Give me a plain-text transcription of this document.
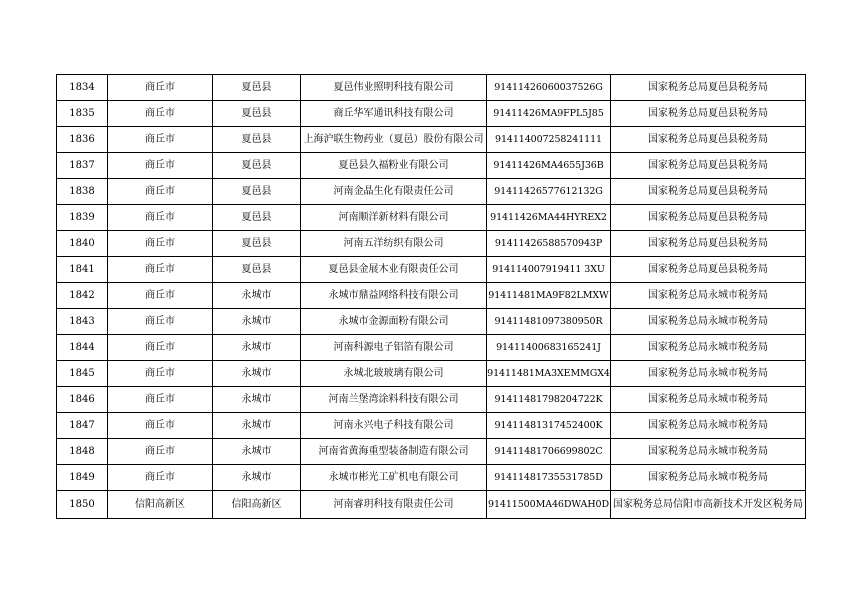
1834	商丘市	夏邑县	夏邑伟业照明科技有限公司	91411426060037526G	国家税务总局夏邑县税务局
1835	商丘市	夏邑县	商丘华军通讯科技有限公司	91411426MA9FPL5J85	国家税务总局夏邑县税务局
1836	商丘市	夏邑县	上海沪联生物药业（夏邑）股份有限公司	914114007258241111	国家税务总局夏邑县税务局
1837	商丘市	夏邑县	夏邑县久福粉业有限公司	91411426MA4655J36B	国家税务总局夏邑县税务局
1838	商丘市	夏邑县	河南金晶生化有限责任公司	91411426577612132G	国家税务总局夏邑县税务局
1839	商丘市	夏邑县	河南顺洋新材料有限公司	91411426MA44HYREX2	国家税务总局夏邑县税务局
1840	商丘市	夏邑县	河南五洋纺织有限公司	91411426588570943P	国家税务总局夏邑县税务局
1841	商丘市	夏邑县	夏邑县金展木业有限责任公司	914114007919411 3XU	国家税务总局夏邑县税务局
1842	商丘市	永城市	永城市鼎益网络科技有限公司	91411481MA9F82LMXW	国家税务总局永城市税务局
1843	商丘市	永城市	永城市金源面粉有限公司	91411481097380950R	国家税务总局永城市税务局
1844	商丘市	永城市	河南科源电子铝箔有限公司	91411400683165241J	国家税务总局永城市税务局
1845	商丘市	永城市	永城北玻玻璃有限公司	91411481MA3XEMMGX4	国家税务总局永城市税务局
1846	商丘市	永城市	河南兰堡湾涂料科技有限公司	91411481798204722K	国家税务总局永城市税务局
1847	商丘市	永城市	河南永兴电子科技有限公司	91411481317452400K	国家税务总局永城市税务局
1848	商丘市	永城市	河南省黄海重型装备制造有限公司	91411481706699802C	国家税务总局永城市税务局
1849	商丘市	永城市	永城市彬光工矿机电有限公司	91411481735531785D	国家税务总局永城市税务局
1850	信阳高新区	信阳高新区	河南睿玥科技有限责任公司	91411500MA46DWAH0D	国家税务总局信阳市高新技术开发区税务局
